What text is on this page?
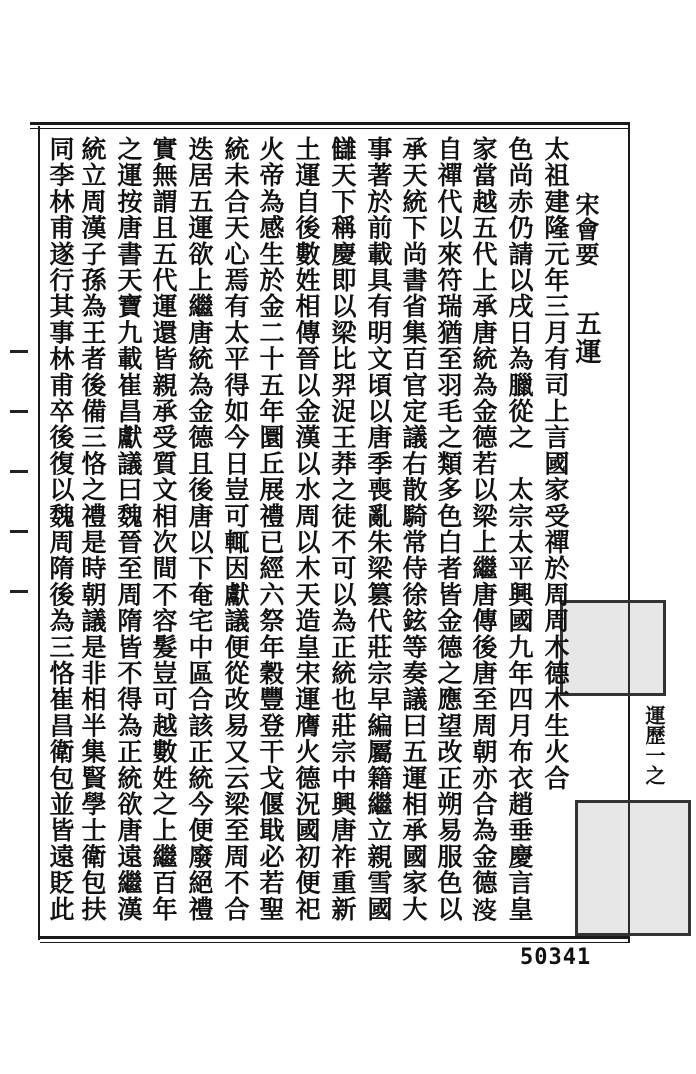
宋會要
五運
太祖建隆元年三月有司上言國家受禪於周周木德木生火合
色尚赤仍請以戌日為臘從之　太宗太平興國九年四月布衣趙垂慶言皇
家當越五代上承唐統為金德若以梁上繼唐傳後唐至周朝亦合為金德𣸈
自禪代以來符瑞猶至羽毛之類多色白者皆金德之應望改正朔易服色以
承天統下尚書省集百官定議右散騎常侍徐鉉等奏議曰五運相承國家大
事著於前載具有明文頃以唐季喪亂朱梁篡代莊宗早編屬籍繼立親雪國
讎天下稱慶即以梁比羿浞王莽之徒不可以為正統也莊宗中興唐祚重新
土運自後數姓相傳晉以金漢以水周以木天造皇宋運膺火德況國初便祀
火帝為感生於金二十五年圜丘展禮已經六祭年穀豐登干戈偃戢必若聖
統未合天心焉有太平得如今日豈可輒因獻議便從改易又云梁至周不合
迭居五運欲上繼唐統為金德且後唐以下奄宅中區合該正統今便廢絕禮
實無謂且五代運還皆親承受質文相次間不容髮豈可越數姓之上繼百年
之運按唐書天寶九載崔昌獻議曰魏晉至周隋皆不得為正統欲唐遠繼漢
統立周漢子孫為王者後備三恪之禮是時朝議是非相半集賢學士衛包扶
同李林甫遂行其事林甫卒後復以魏周隋後為三恪崔昌衛包並皆遠貶此	運歷一之
50341
